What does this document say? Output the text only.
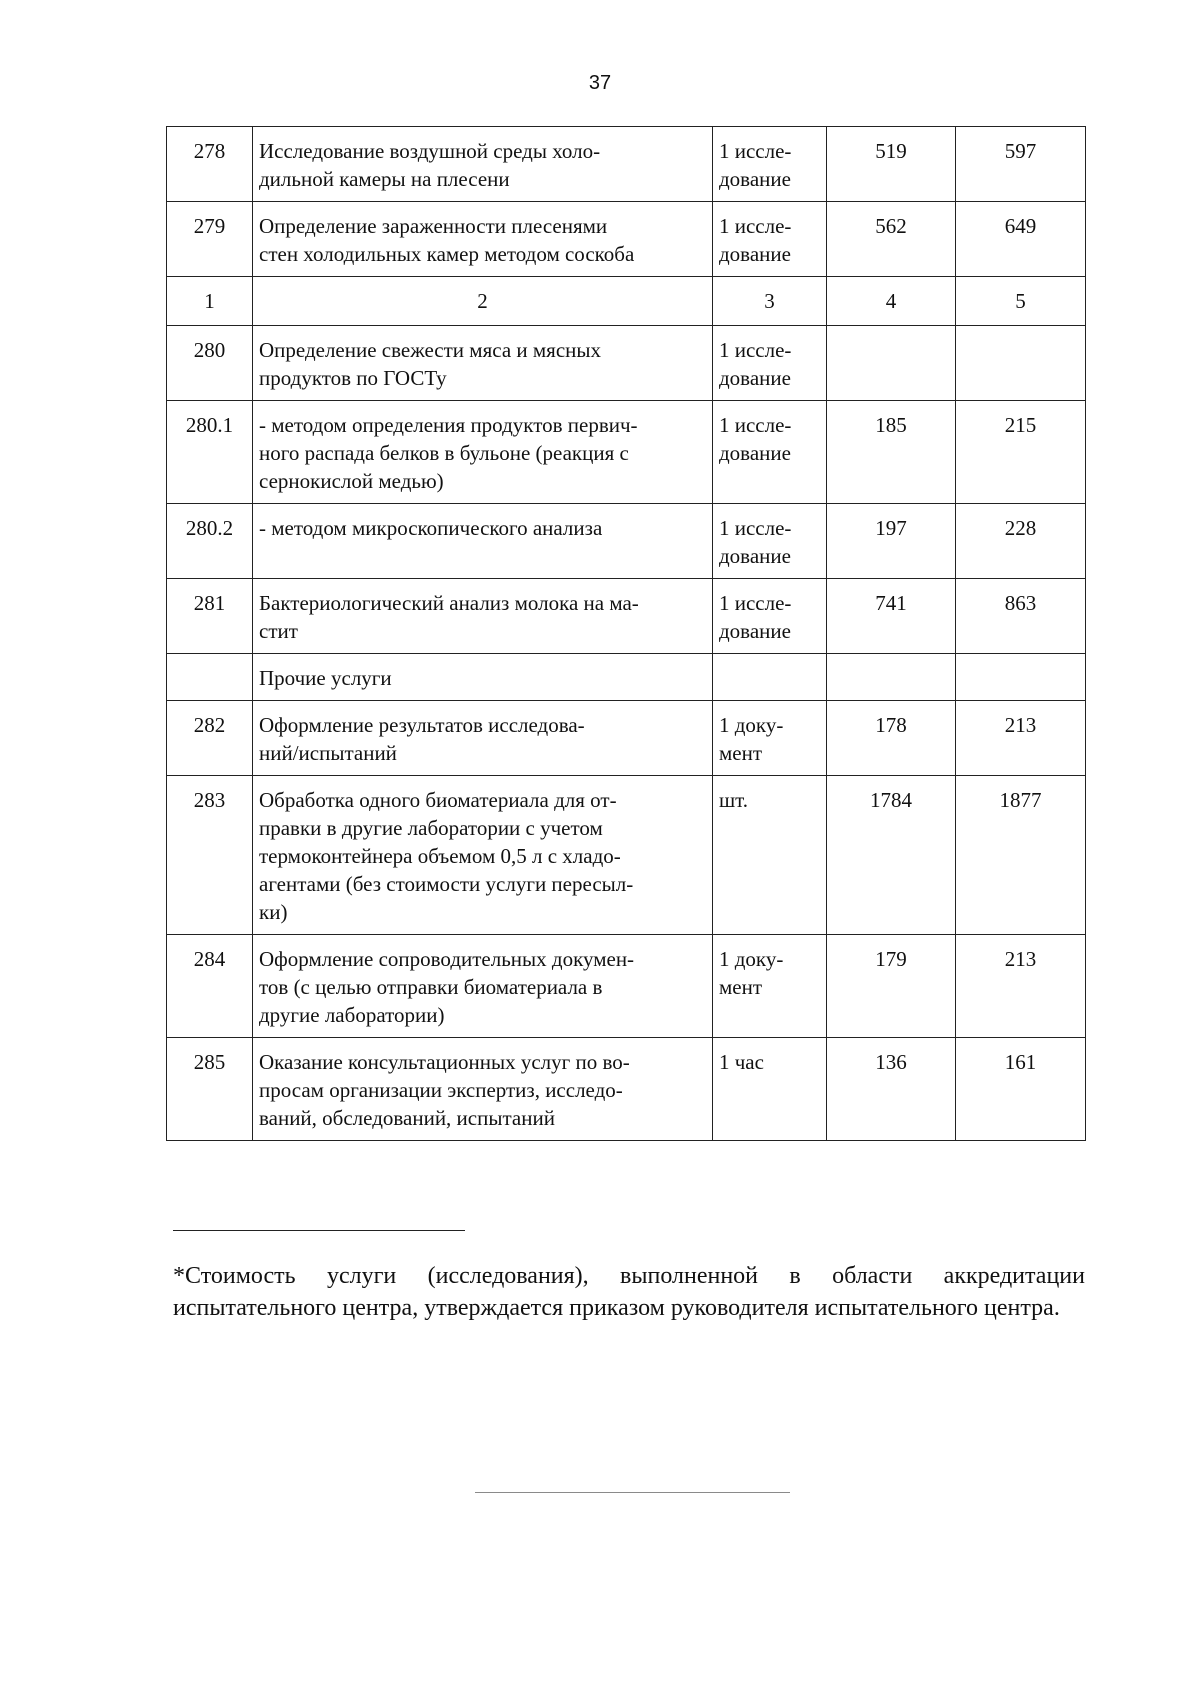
37
278	Исследование воздушной среды холо-
дильной камеры на плесени	1 иссле-
дование	519	597
279	Определение зараженности плесенями
стен холодильных камер методом соскоба	1 иссле-
дование	562	649
1	2	3	4	5
280	Определение свежести мяса и мясных
продуктов по ГОСТу	1 иссле-
дование		

280.1	- методом определения продуктов первич-
ного распада белков в бульоне (реакция с
сернокислой медью)	1 иссле-
дование	185	215
280.2	- методом микроскопического анализа	1 иссле-
дование	197	228
281	Бактериологический анализ молока на ма-
стит	1 иссле-
дование	741	863

	Прочие услуги			

282	Оформление результатов исследова-
ний/испытаний	1 доку-
мент	178	213
283	Обработка одного биоматериала для от-
правки в другие лаборатории с учетом
термоконтейнера объемом 0,5 л с хладо-
агентами (без стоимости услуги пересыл-
ки)	шт.	1784	1877
284	Оформление сопроводительных докумен-
тов (с целью отправки биоматериала в
другие лаборатории)	1 доку-
мент	179	213
285	Оказание консультационных услуг по во-
просам организации экспертиз, исследо-
ваний, обследований, испытаний	1 час	136	161
*Стоимость услуги (исследования), выполненной в области аккредитации испытательного центра, утверждается приказом руководителя испытательного центра.
